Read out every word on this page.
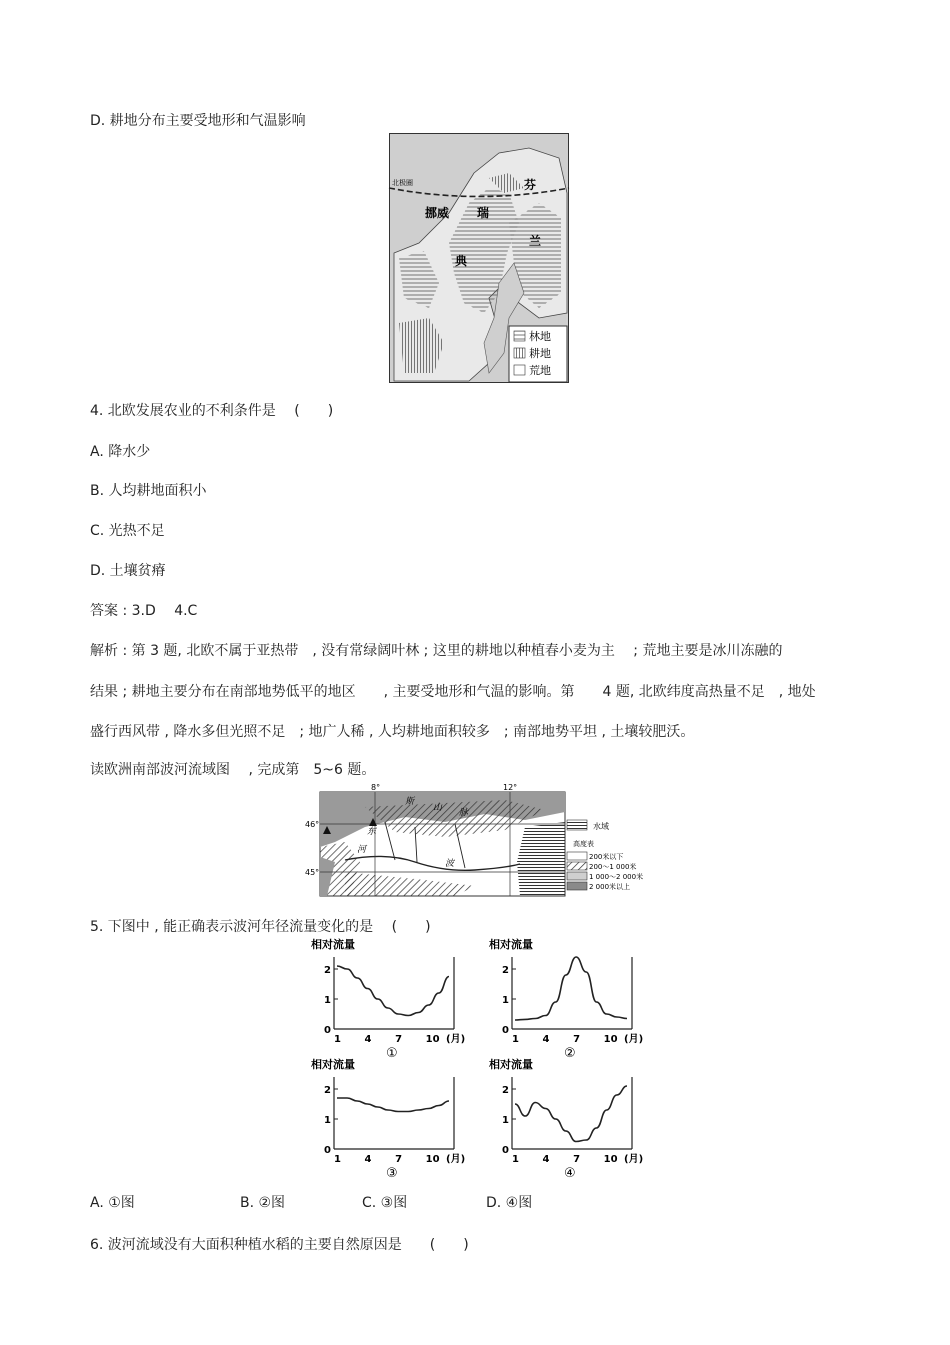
D. 耕地分布主要受地形和气温影响
北极圈
挪威 瑞
典
芬
兰
林地
耕地
荒地
4. 北欧发展农业的不利条件是　 (　　)
A. 降水少
B. 人均耕地面积小
C. 光热不足
D. 土壤贫瘠
答案 : 3.D　 4.C
解析 : 第 3 题, 北欧不属于亚热带　, 没有常绿阔叶林 ; 这里的耕地以种植春小麦为主　 ; 荒地主要是冰川冻融的
结果 ; 耕地主要分布在南部地势低平的地区　　, 主要受地形和气温的影响。第　　4 题, 北欧纬度高热量不足　, 地处
盛行西风带 , 降水多但光照不足　; 地广人稀 , 人均耕地面积较多　; 南部地势平坦 , 土壤较肥沃。
读欧洲南部波河流域图　 , 完成第　5~6 题。
8°	12°
46°
45°
斯
山 脉
河
东
波
水域
高度表
200米以下
200～1 000米
1 000～2 000米
2 000米以上
5. 下图中 , 能正确表示波河年径流量变化的是　 (　　)
相对流量
0
1
2
1 4 7 10 (月)
①
相对流量
0
1
2
1 4 7 10 (月)
②
相对流量
0
1
2
1 4 7 10 (月)
③
相对流量
0
1
2
1 4 7 10 (月)
④
A. ①图	B. ②图	C. ③图	D. ④图
6. 波河流域没有大面积种植水稻的主要自然原因是　　(　　)
